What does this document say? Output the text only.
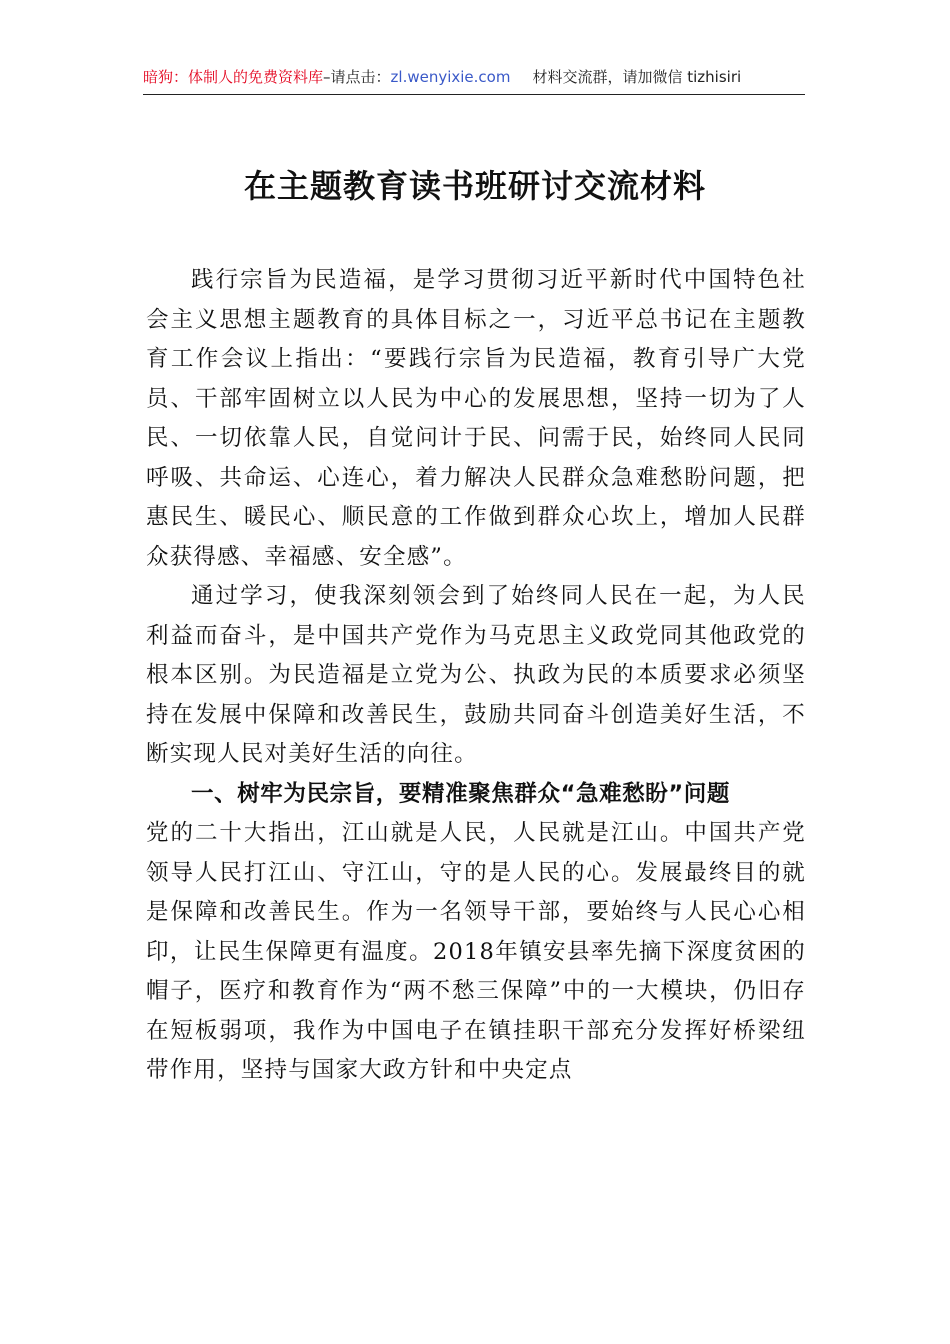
暗狗：体制人的免费资料库–请点击：zl.wenyixie.com 材料交流群，请加微信 tizhisiri
在主题教育读书班研讨交流材料

践行宗旨为民造福，是学习贯彻习近平新时代中国特色社会主义思想主题教育的具体目标之一，习近平总书记在主题教育工作会议上指出：“要践行宗旨为民造福，教育引导广大党员、干部牢固树立以人民为中心的发展思想，坚持一切为了人民、一切依靠人民，自觉问计于民、问需于民，始终同人民同呼吸、共命运、心连心，着力解决人民群众急难愁盼问题，把惠民生、暖民心、顺民意的工作做到群众心坎上，增加人民群众获得感、幸福感、安全感”。

通过学习，使我深刻领会到了始终同人民在一起，为人民利益而奋斗，是中国共产党作为马克思主义政党同其他政党的根本区别。为民造福是立党为公、执政为民的本质要求必须坚持在发展中保障和改善民生，鼓励共同奋斗创造美好生活，不断实现人民对美好生活的向往。

一、树牢为民宗旨，要精准聚焦群众“急难愁盼”问题

党的二十大指出，江山就是人民，人民就是江山。中国共产党领导人民打江山、守江山，守的是人民的心。发展最终目的就是保障和改善民生。作为一名领导干部，要始终与人民心心相印，让民生保障更有温度。2018年镇安县率先摘下深度贫困的帽子，医疗和教育作为“两不愁三保障”中的一大模块，仍旧存在短板弱项，我作为中国电子在镇挂职干部充分发挥好桥梁纽带作用，坚持与国家大政方针和中央定点
